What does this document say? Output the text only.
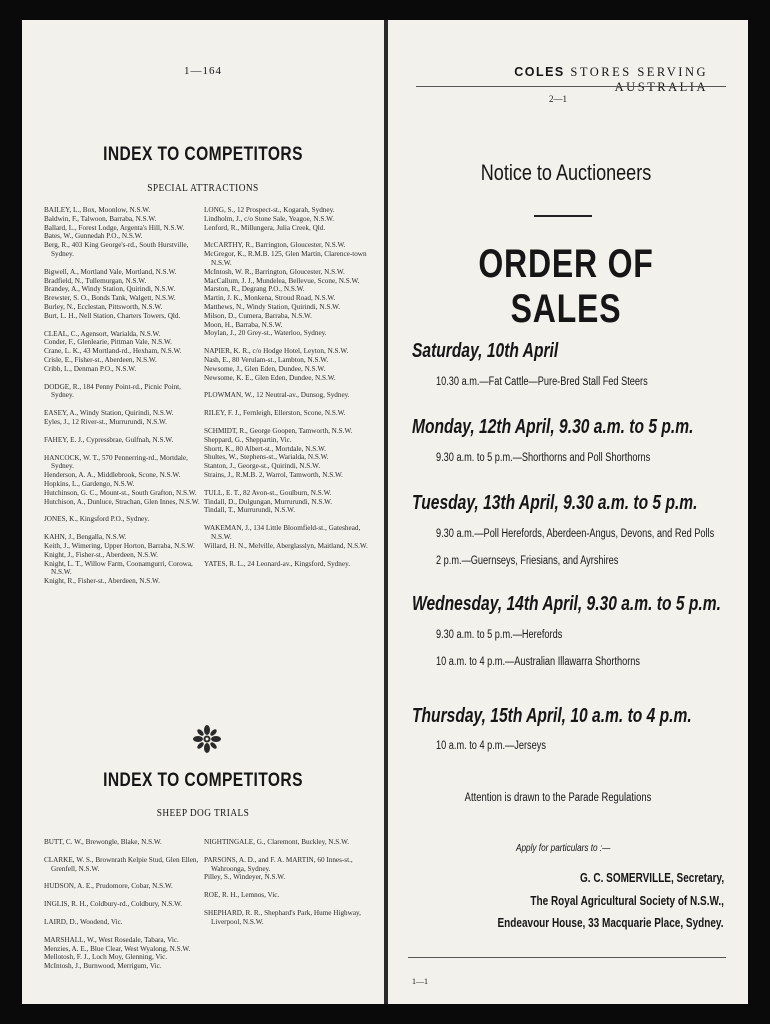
1—164
INDEX TO COMPETITORS
SPECIAL ATTRACTIONS
BAILEY, L., Box, Moonlow, N.S.W.
Baldwin, F., Talwoon, Barraba, N.S.W.
Ballard, L., Forest Lodge, Argenta's Hill, N.S.W.
Bates, W., Gunnedah P.O., N.S.W.
Berg, R., 403 King George's-rd., South Hurstville, Sydney.
Bigwell, A., Mortland Vale, Mortland, N.S.W.
Bradfield, N., Tullemurgan, N.S.W.
Brandey, A., Windy Station, Quirindi, N.S.W.
Brewster, S. O., Bonds Tank, Walgett, N.S.W.
Burley, N., Ecclestan, Pittsworth, N.S.W.
Burt, L. H., Nell Station, Charters Towers, Qld.
CLEAL, C., Agensort, Warialda, N.S.W.
Conder, F., Glenlearie, Pittman Vale, N.S.W.
Crane, L. K., 43 Mortland-rd., Hexham, N.S.W.
Crisle, E., Fisher-st., Aberdeen, N.S.W.
Cribb, L., Denman P.O., N.S.W.
DODGE, R., 184 Penny Point-rd., Picnic Point, Sydney.
EASEY, A., Windy Station, Quirindi, N.S.W.
Eyles, J., 12 River-st., Murrurundi, N.S.W.
FAHEY, E. J., Cypressbrae, Gulfnah, N.S.W.
HANCOCK, W. T., 570 Pennerring-rd., Mortdale, Sydney.
Henderson, A. A., Middlebrook, Scone, N.S.W.
Hopkins, L., Gardengo, N.S.W.
Hutchinson, G. C., Mount-st., South Grafton, N.S.W.
Hutchison, A., Dunluce, Strachan, Glen Innes, N.S.W.
JONES, K., Kingsford P.O., Sydney.
KAHN, J., Bengalla, N.S.W.
Keith, J., Wimering, Upper Horton, Barraba, N.S.W.
Knight, J., Fisher-st., Aberdeen, N.S.W.
Knight, L. T., Willow Farm, Coonamgurri, Corowa, N.S.W.
Knight, R., Fisher-st., Aberdeen, N.S.W.
LONG, S., 12 Prospect-st., Kogarah, Sydney.
Lindholm, J., c/o Stone Sale, Yeagoe, N.S.W.
Lenford, R., Millungera, Julia Creek, Qld.
McCARTHY, R., Barrington, Gloucester, N.S.W.
McGregor, K., R.M.B. 125, Glen Martin, Clarence-town N.S.W.
McIntosh, W. R., Barrington, Gloucester, N.S.W.
MacCallum, J. J., Mundelea, Bellevue, Scone, N.S.W.
Marston, R., Degrang P.O., N.S.W.
Martin, J. K., Monkena, Stroud Road, N.S.W.
Matthews, N., Windy Station, Quirindi, N.S.W.
Milson, D., Cumera, Barraba, N.S.W.
Moon, H., Barraba, N.S.W.
Moylan, J., 20 Grey-st., Waterloo, Sydney.
NAPIER, K. R., c/o Hodge Hotel, Leyton, N.S.W.
Nash, E., 80 Verulam-st., Lambton, N.S.W.
Newsome, J., Glen Eden, Dundee, N.S.W.
Newsome, K. E., Glen Eden, Dundee, N.S.W.
PLOWMAN, W., 12 Neutral-av., Dunsog, Sydney.
RILEY, F. J., Fernleigh, Ellerston, Scone, N.S.W.
SCHMIDT, R., George Goopen, Tamworth, N.S.W.
Sheppard, G., Sheppartin, Vic.
Shortt, K., 80 Albert-st., Mortdale, N.S.W.
Shultes, W., Stephens-st., Warialda, N.S.W.
Stanton, J., George-st., Quirindi, N.S.W.
Strains, J., R.M.B. 2, Warrol, Tamworth, N.S.W.
TULL, E. T., 82 Avon-st., Goulburn, N.S.W.
Tindall, D., Dulgungan, Murrurundi, N.S.W.
Tindall, T., Murrurundi, N.S.W.
WAKEMAN, J., 134 Little Bloomfield-st., Gateshead, N.S.W.
Willard, H. N., Melville, Aberglasslyn, Maitland, N.S.W.
YATES, R. L., 24 Leonard-av., Kingsford, Sydney.
INDEX TO COMPETITORS
SHEEP DOG TRIALS
BUTT, C. W., Brewongle, Blake, N.S.W.
CLARKE, W. S., Brownrath Kelpie Stud, Glen Ellen, Grenfell, N.S.W.
HUDSON, A. E., Prudomore, Cobar, N.S.W.
INGLIS, R. H., Coldbury-rd., Coldbury, N.S.W.
LAIRD, D., Woodend, Vic.
MARSHALL, W., West Rosedale, Tabara, Vic.
Menzies, A. E., Blue Clear, West Wyalong, N.S.W.
Mellotosh, F. J., Loch Moy, Glenning, Vic.
McIntosh, J., Burnwood, Merrigum, Vic.
NIGHTINGALE, G., Claremont, Buckley, N.S.W.
PARSONS, A. D., and F. A. MARTIN, 60 Innes-st., Wahroonga, Sydney.
Pilley, S., Windeyer, N.S.W.
ROE, R. H., Lemnos, Vic.
SHEPHARD, R. R., Shephard's Park, Hume Highway, Liverpool, N.S.W.
COLES STORES SERVING AUSTRALIA
2—1
Notice to Auctioneers
ORDER OF SALES
Saturday, 10th April
10.30 a.m.—Fat Cattle—Pure-Bred Stall Fed Steers
Monday, 12th April, 9.30 a.m. to 5 p.m.
9.30 a.m. to 5 p.m.—Shorthorns and Poll Shorthorns
Tuesday, 13th April, 9.30 a.m. to 5 p.m.
9.30 a.m.—Poll Herefords, Aberdeen-Angus, Devons, and Red Polls
2 p.m.—Guernseys, Friesians, and Ayrshires
Wednesday, 14th April, 9.30 a.m. to 5 p.m.
9.30 a.m. to 5 p.m.—Herefords
10 a.m. to 4 p.m.—Australian Illawarra Shorthorns
Thursday, 15th April, 10 a.m. to 4 p.m.
10 a.m. to 4 p.m.—Jerseys
Attention is drawn to the Parade Regulations
Apply for particulars to :—
G. C. SOMERVILLE, Secretary,
The Royal Agricultural Society of N.S.W.,
Endeavour House, 33 Macquarie Place, Sydney.
1—1
